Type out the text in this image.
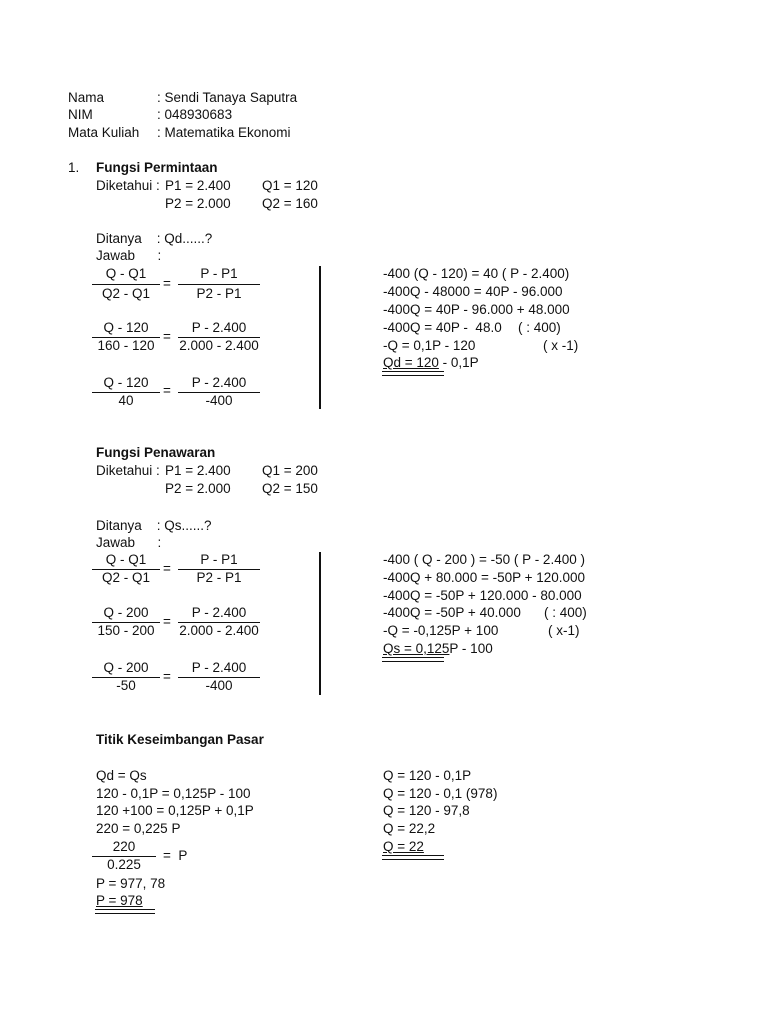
Nama	: Sendi Tanaya Saputra
NIM	: 048930683
Mata Kuliah : Matematika Ekonomi
1. Fungsi Permintaan
Diketahui : P1 = 2.400 Q1 = 120
P2 = 2.000 Q2 = 160
Ditanya    : Qd......?
Jawab      :
Q - Q1
Q2 - Q1
=
P - P1
P2 - P1
Q - 120
160 - 120
=
P - 2.400
2.000 - 2.400
Q - 120
40
=
P - 2.400
-400
-400 (Q - 120) = 40 ( P - 2.400)
-400Q - 48000 = 40P - 96.000
-400Q = 40P - 96.000 + 48.000
-400Q = 40P -  48.0 ( : 400)
-Q = 0,1P - 120	( x -1)
Qd = 120 - 0,1P
Fungsi Penawaran
Diketahui : P1 = 2.400 Q1 = 200
P2 = 2.000 Q2 = 150
Ditanya    : Qs......?
Jawab      :
Q - Q1
Q2 - Q1
=
P - P1
P2 - P1
Q - 200
150 - 200
=
P - 2.400
2.000 - 2.400
Q - 200
-50
=
P - 2.400
-400
-400 ( Q - 200 ) = -50 ( P - 2.400 )
-400Q + 80.000 = -50P + 120.000
-400Q = -50P + 120.000 - 80.000
-400Q = -50P + 40.000 ( : 400)
-Q = -0,125P + 100	( x-1)
Qs = 0,125P - 100
Titik Keseimbangan Pasar
Qd = Qs
120 - 0,1P = 0,125P - 100
120 +100 = 0,125P + 0,1P
220 = 0,225 P
220
0.225
=  P
P = 977, 78
P = 978
Q = 120 - 0,1P
Q = 120 - 0,1 (978)
Q = 120 - 97,8
Q = 22,2
Q = 22
